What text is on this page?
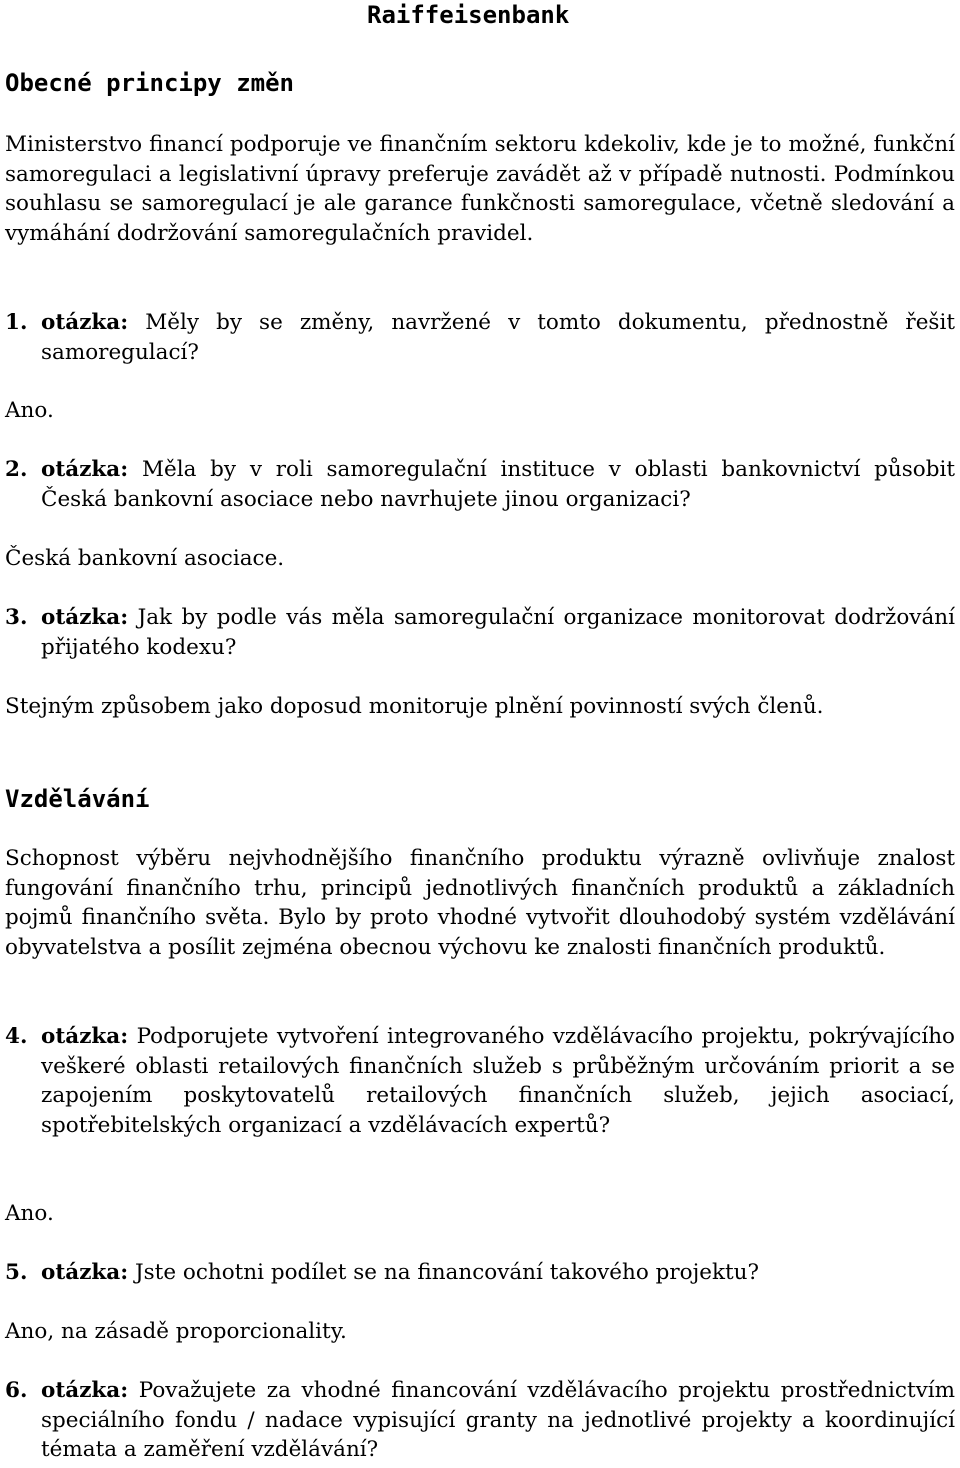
Raiffeisenbank
Obecné principy změn

Ministerstvo financí podporuje ve finančním sektoru kdekoliv, kde je to možné, funkční samoregulaci a legislativní úpravy preferuje zavádět až v případě nutnosti. Podmínkou souhlasu se samoregulací je ale garance funkčnosti samoregulace, včetně sledování a vymáhání dodržování samoregulačních pravidel.

1. otázka: Měly by se změny, navržené v tomto dokumentu, přednostně řešit samoregulací?
Ano.
2. otázka: Měla by v roli samoregulační instituce v oblasti bankovnictví působit Česká bankovní asociace nebo navrhujete jinou organizaci?
Česká bankovní asociace.
3. otázka: Jak by podle vás měla samoregulační organizace monitorovat dodržování přijatého kodexu?
Stejným způsobem jako doposud monitoruje plnění povinností svých členů.
Vzdělávání

Schopnost výběru nejvhodnějšího finančního produktu výrazně ovlivňuje znalost fungování finančního trhu, principů jednotlivých finančních produktů a základních pojmů finančního světa. Bylo by proto vhodné vytvořit dlouhodobý systém vzdělávání obyvatelstva a posílit zejména obecnou výchovu ke znalosti finančních produktů.

4. otázka: Podporujete vytvoření integrovaného vzdělávacího projektu, pokrývajícího veškeré oblasti retailových finančních služeb s průběžným určováním priorit a se zapojením poskytovatelů retailových finančních služeb, jejich asociací, spotřebitelských organizací a vzdělávacích expertů?
Ano.
5. otázka: Jste ochotni podílet se na financování takového projektu?
Ano, na zásadě proporcionality.
6. otázka: Považujete za vhodné financování vzdělávacího projektu prostřednictvím speciálního fondu / nadace vypisující granty na jednotlivé projekty a koordinující témata a zaměření vzdělávání?
